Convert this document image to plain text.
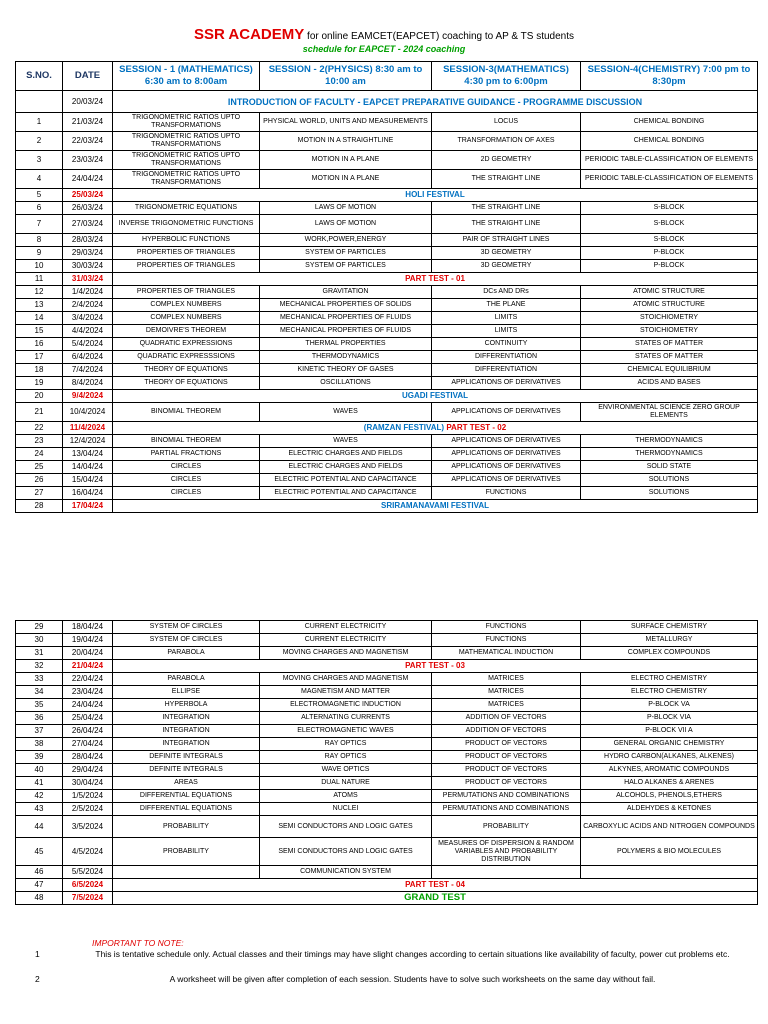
SSR ACADEMY for online EAMCET(EAPCET) coaching to AP & TS students
schedule for EAPCET - 2024 coaching
S.NO.	DATE	SESSION - 1 (MATHEMATICS) 6:30 am to 8:00am	SESSION - 2(PHYSICS) 8:30 am to 10:00 am	SESSION-3(MATHEMATICS) 4:30 pm to 6:00pm	SESSION-4(CHEMISTRY) 7:00 pm to 8:30pm
	20/03/24	INTRODUCTION OF FACULTY - EAPCET PREPARATIVE GUIDANCE - PROGRAMME DISCUSSION			
1	21/03/24	TRIGONOMETRIC RATIOS UPTO TRANSFORMATIONS	PHYSICAL WORLD, UNITS AND MEASUREMENTS	LOCUS	CHEMICAL BONDING
2	22/03/24	TRIGONOMETRIC RATIOS UPTO TRANSFORMATIONS	MOTION IN A STRAIGHTLINE	TRANSFORMATION OF AXES	CHEMICAL BONDING
3	23/03/24	TRIGONOMETRIC RATIOS UPTO TRANSFORMATIONS	MOTION IN A PLANE	2D GEOMETRY	PERIODIC TABLE-CLASSIFICATION OF ELEMENTS
4	24/04/24	TRIGONOMETRIC RATIOS UPTO TRANSFORMATIONS	MOTION IN A PLANE	THE STRAIGHT LINE	PERIODIC TABLE-CLASSIFICATION OF ELEMENTS
5	25/03/24	HOLI FESTIVAL			
6	26/03/24	TRIGONOMETRIC EQUATIONS	LAWS OF MOTION	THE STRAIGHT LINE	S-BLOCK
7	27/03/24	INVERSE TRIGONOMETRIC FUNCTIONS	LAWS OF MOTION	THE STRAIGHT LINE	S-BLOCK
8	28/03/24	HYPERBOLIC FUNCTIONS	WORK,POWER,ENERGY	PAIR OF STRAIGHT LINES	S-BLOCK
9	29/03/24	PROPERTIES OF TRIANGLES	SYSTEM OF PARTICLES	3D GEOMETRY	P-BLOCK
10	30/03/24	PROPERTIES OF TRIANGLES	SYSTEM OF PARTICLES	3D GEOMETRY	P-BLOCK
11	31/03/24	PART TEST - 01			
12	1/4/2024	PROPERTIES OF TRIANGLES	GRAVITATION	DCs AND DRs	ATOMIC STRUCTURE
13	2/4/2024	COMPLEX NUMBERS	MECHANICAL PROPERTIES OF SOLIDS	THE PLANE	ATOMIC STRUCTURE
14	3/4/2024	COMPLEX NUMBERS	MECHANICAL PROPERTIES OF FLUIDS	LIMITS	STOICHIOMETRY
15	4/4/2024	DEMOIVRE'S THEOREM	MECHANICAL PROPERTIES OF FLUIDS	LIMITS	STOICHIOMETRY
16	5/4/2024	QUADRATIC EXPRESSIONS	THERMAL PROPERTIES	CONTINUITY	STATES OF MATTER
17	6/4/2024	QUADRATIC EXPRESSSIONS	THERMODYNAMICS	DIFFERENTIATION	STATES OF MATTER
18	7/4/2024	THEORY OF EQUATIONS	KINETIC THEORY OF GASES	DIFFERENTIATION	CHEMICAL EQUILIBRIUM
19	8/4/2024	THEORY OF EQUATIONS	OSCILLATIONS	APPLICATIONS OF DERIVATIVES	ACIDS AND BASES
20	9/4/2024	UGADI FESTIVAL			
21	10/4/2024	BINOMIAL THEOREM	WAVES	APPLICATIONS OF DERIVATIVES	ENVIRONMENTAL SCIENCE ZERO GROUP ELEMENTS
22	11/4/2024	(RAMZAN FESTIVAL) PART TEST - 02			
23	12/4/2024	BINOMIAL THEOREM	WAVES	APPLICATIONS OF DERIVATIVES	THERMODYNAMICS
24	13/04/24	PARTIAL FRACTIONS	ELECTRIC CHARGES AND FIELDS	APPLICATIONS OF DERIVATIVES	THERMODYNAMICS
25	14/04/24	CIRCLES	ELECTRIC CHARGES AND FIELDS	APPLICATIONS OF DERIVATIVES	SOLID STATE
26	15/04/24	CIRCLES	ELECTRIC POTENTIAL AND CAPACITANCE	APPLICATIONS OF DERIVATIVES	SOLUTIONS
27	16/04/24	CIRCLES	ELECTRIC POTENTIAL AND CAPACITANCE	FUNCTIONS	SOLUTIONS
28	17/04/24	SRIRAMANAVAMI FESTIVAL			
29	18/04/24	SYSTEM OF CIRCLES	CURRENT ELECTRICITY	FUNCTIONS	SURFACE CHEMISTRY
30	19/04/24	SYSTEM OF CIRCLES	CURRENT ELECTRICITY	FUNCTIONS	METALLURGY
31	20/04/24	PARABOLA	MOVING CHARGES AND MAGNETISM	MATHEMATICAL INDUCTION	COMPLEX COMPOUNDS
32	21/04/24	PART TEST - 03			
33	22/04/24	PARABOLA	MOVING CHARGES AND MAGNETISM	MATRICES	ELECTRO CHEMISTRY
34	23/04/24	ELLIPSE	MAGNETISM AND MATTER	MATRICES	ELECTRO CHEMISTRY
35	24/04/24	HYPERBOLA	ELECTROMAGNETIC INDUCTION	MATRICES	P-BLOCK VA
36	25/04/24	INTEGRATION	ALTERNATING CURRENTS	ADDITION OF VECTORS	P-BLOCK VIA
37	26/04/24	INTEGRATION	ELECTROMAGNETIC WAVES	ADDITION OF VECTORS	P-BLOCK VII A
38	27/04/24	INTEGRATION	RAY OPTICS	PRODUCT OF VECTORS	GENERAL ORGANIC CHEMISTRY
39	28/04/24	DEFINITE INTEGRALS	RAY OPTICS	PRODUCT OF VECTORS	HYDRO CARBON(ALKANES, ALKENES)
40	29/04/24	DEFINITE INTEGRALS	WAVE OPTICS	PRODUCT OF VECTORS	ALKYNES, AROMATIC COMPOUNDS
41	30/04/24	AREAS	DUAL NATURE	PRODUCT OF VECTORS	HALO ALKANES & ARENES
42	1/5/2024	DIFFERENTIAL EQUATIONS	ATOMS	PERMUTATIONS AND COMBINATIONS	ALCOHOLS, PHENOLS,ETHERS
43	2/5/2024	DIFFERENTIAL EQUATIONS	NUCLEI	PERMUTATIONS AND COMBINATIONS	ALDEHYDES & KETONES
44	3/5/2024	PROBABILITY	SEMI CONDUCTORS AND LOGIC GATES	PROBABILITY	CARBOXYLIC ACIDS AND NITROGEN COMPOUNDS
45	4/5/2024	PROBABILITY	SEMI CONDUCTORS AND LOGIC GATES	MEASURES OF DISPERSION & RANDOM VARIABLES AND PROBABILITY DISTRIBUTION	POLYMERS & BIO MOLECULES
46	5/5/2024		COMMUNICATION SYSTEM		
47	6/5/2024	PART TEST - 04			
48	7/5/2024	GRAND TEST			
IMPORTANT TO NOTE:
1	This is tentative schedule only. Actual classes and their timings may have slight changes according to certain situations like availability of faculty, power cut problems etc.
2	A worksheet will be given after completion of each session. Students have to solve such worksheets on the same day without fail.
